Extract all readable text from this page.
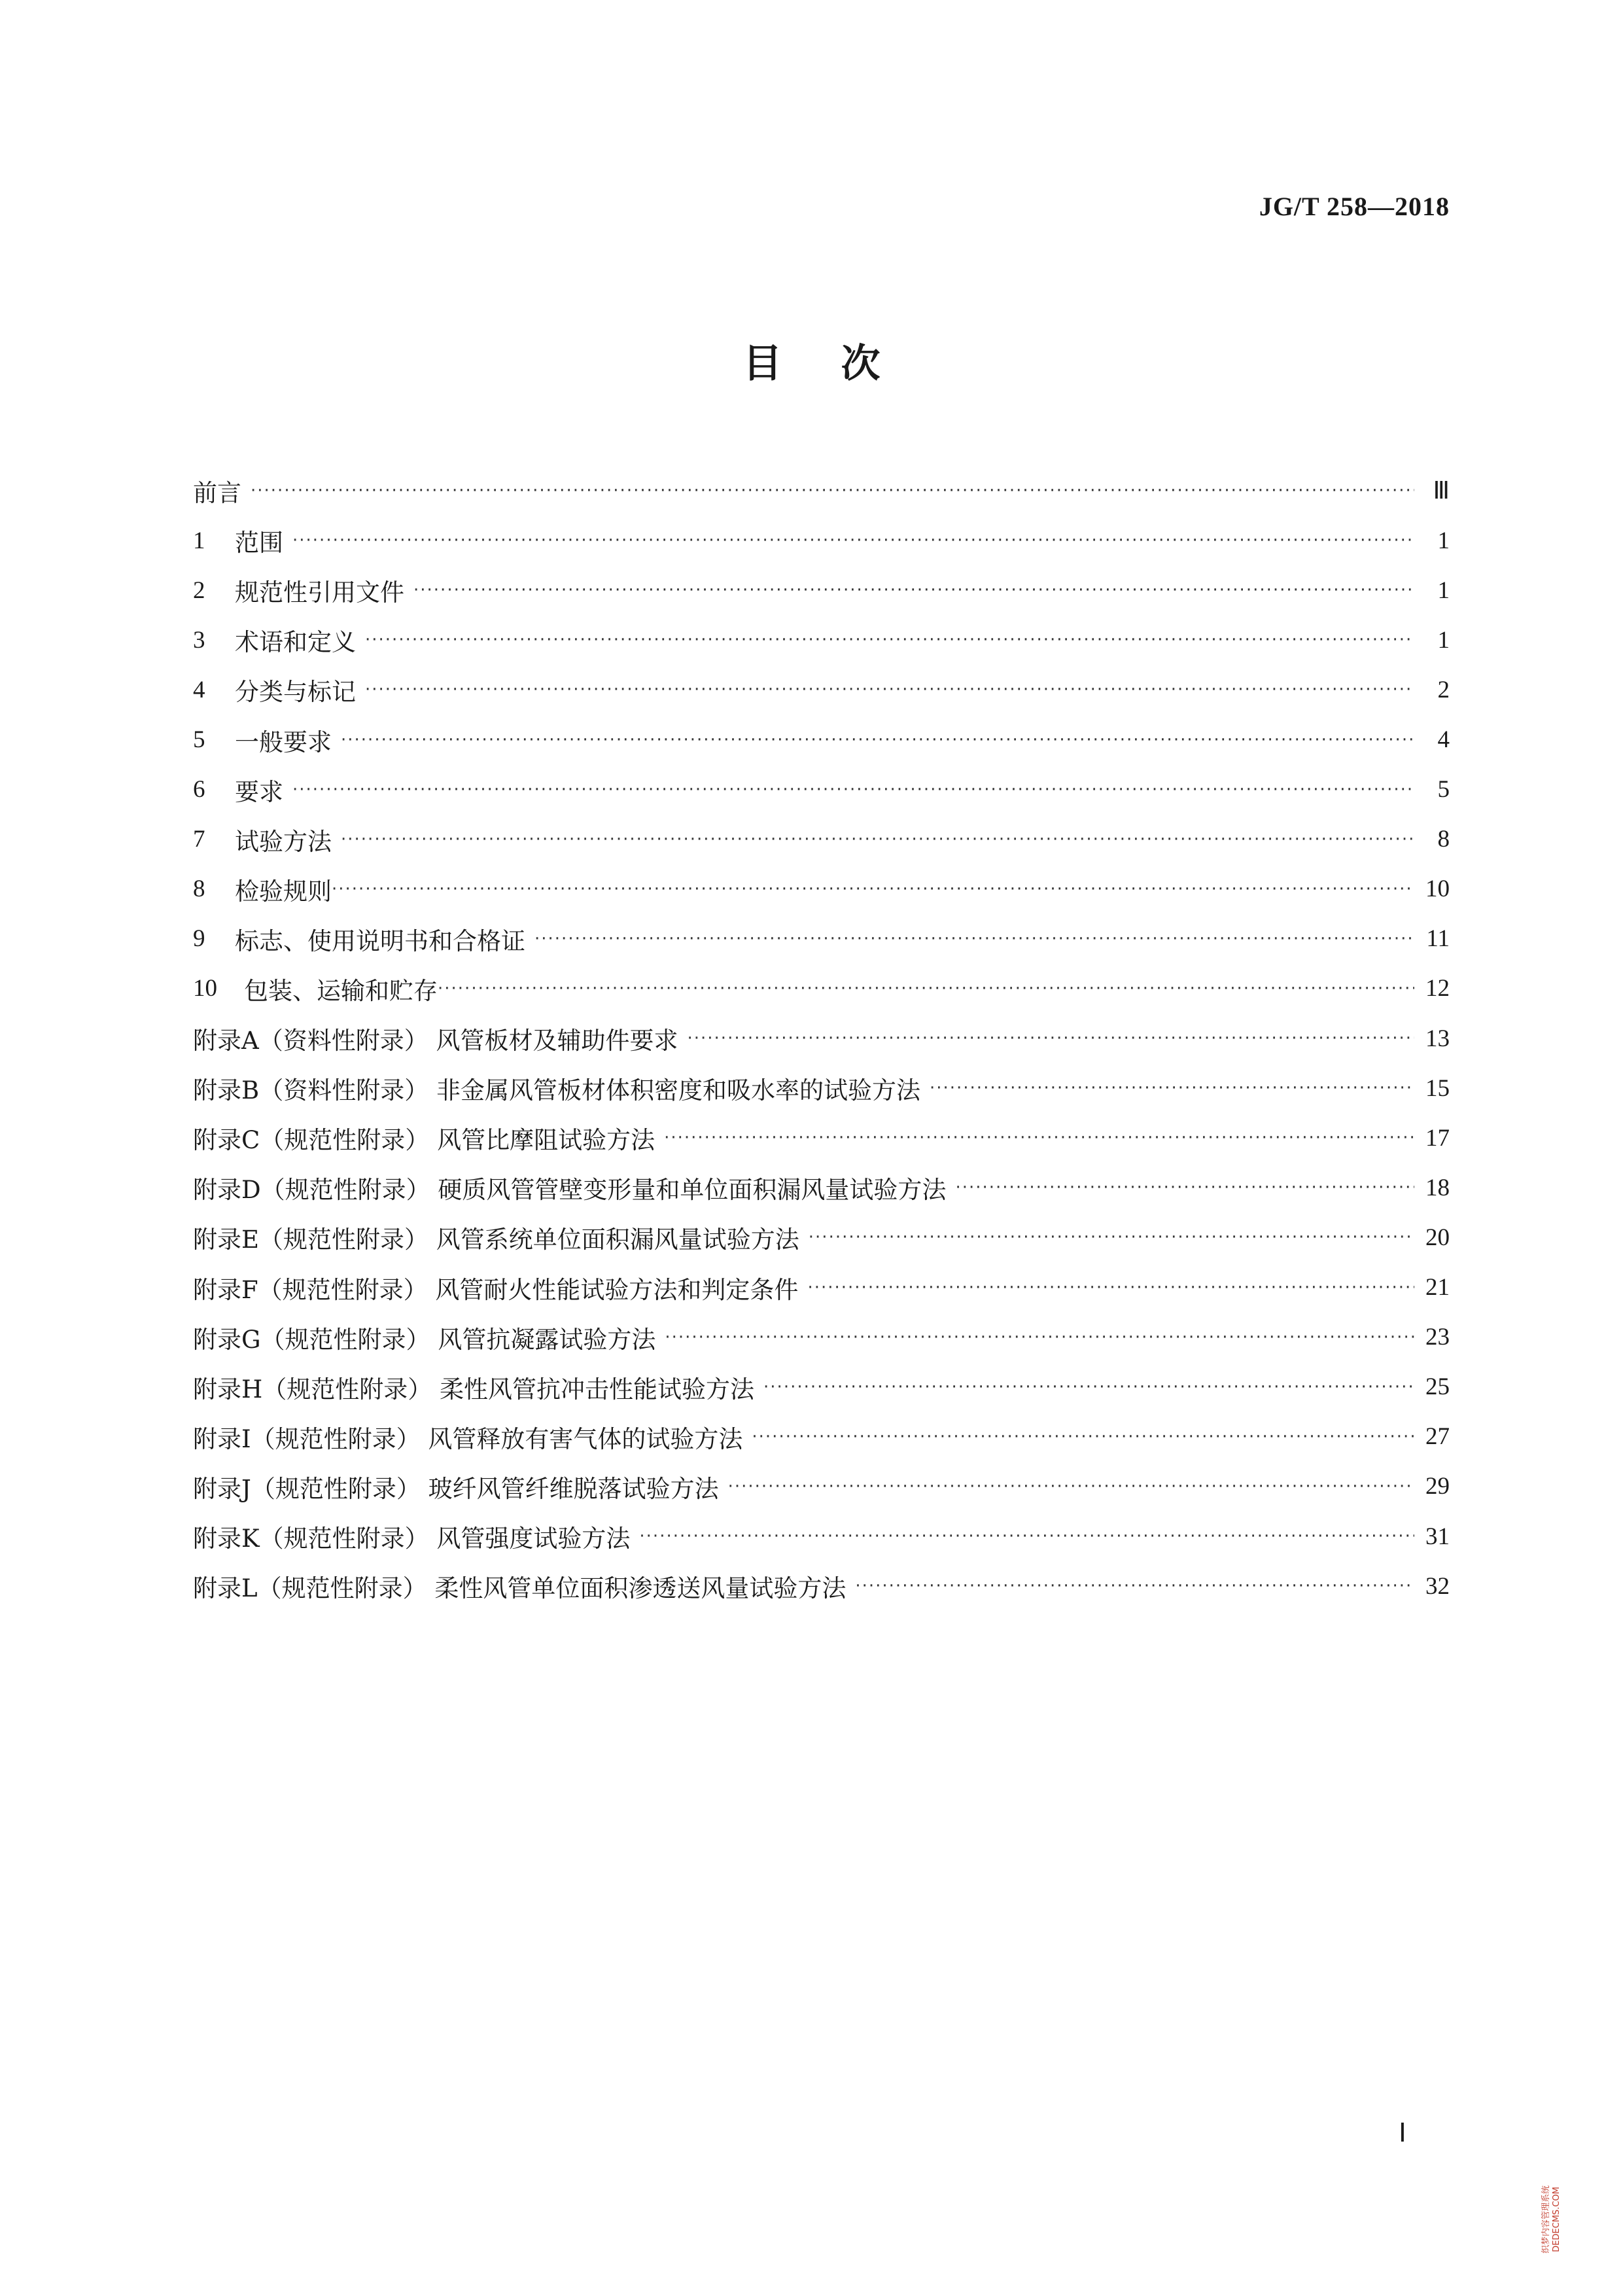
JG/T 258—2018
目次
前言 ·····	Ⅲ
1	范围 ·····	1
2	规范性引用文件 ·····	1
3	术语和定义 ·····	1
4	分类与标记 ·····	2
5	一般要求 ·····	4
6	要求 ·····	5
7	试验方法 ·····	8
8	检验规则 ·····	10
9	标志、使用说明书和合格证 ·····	11
10	包装、运输和贮存 ·····	12
附录A（资料性附录） 风管板材及辅助件要求 ·····	13
附录B（资料性附录） 非金属风管板材体积密度和吸水率的试验方法 ·····	15
附录C（规范性附录） 风管比摩阻试验方法 ·····	17
附录D（规范性附录） 硬质风管管壁变形量和单位面积漏风量试验方法 ·····	18
附录E（规范性附录） 风管系统单位面积漏风量试验方法 ·····	20
附录F（规范性附录） 风管耐火性能试验方法和判定条件 ·····	21
附录G（规范性附录） 风管抗凝露试验方法 ·····	23
附录H（规范性附录） 柔性风管抗冲击性能试验方法 ·····	25
附录I（规范性附录） 风管释放有害气体的试验方法 ·····	27
附录J（规范性附录） 玻纤风管纤维脱落试验方法 ·····	29
附录K（规范性附录） 风管强度试验方法 ·····	31
附录L（规范性附录） 柔性风管单位面积渗透送风量试验方法 ·····	32
Ⅰ
织梦内容管理系统 DEDECMS.COM
